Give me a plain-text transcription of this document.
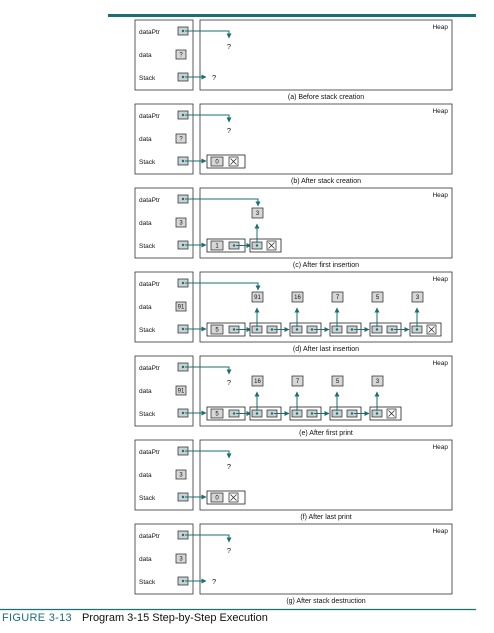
Heap
dataPtr
data
Stack
?
(a) Before stack creation
?
?
Heap
dataPtr
data
Stack
?
(b) After stack creation
?
0
Heap
dataPtr
data
Stack
3
(c) After first insertion
1
3
Heap
dataPtr
data
Stack
91
(d) After last insertion
5
91	16	7	5	3
Heap
dataPtr
data
Stack
91
(e) After first print
?
5
16	7	5	3
Heap
dataPtr
data
Stack
3
(f) After last print
?
0
Heap
dataPtr
data
Stack
3
(g) After stack destruction
?
?
FIGURE 3-13 Program 3-15 Step-by-Step Execution
